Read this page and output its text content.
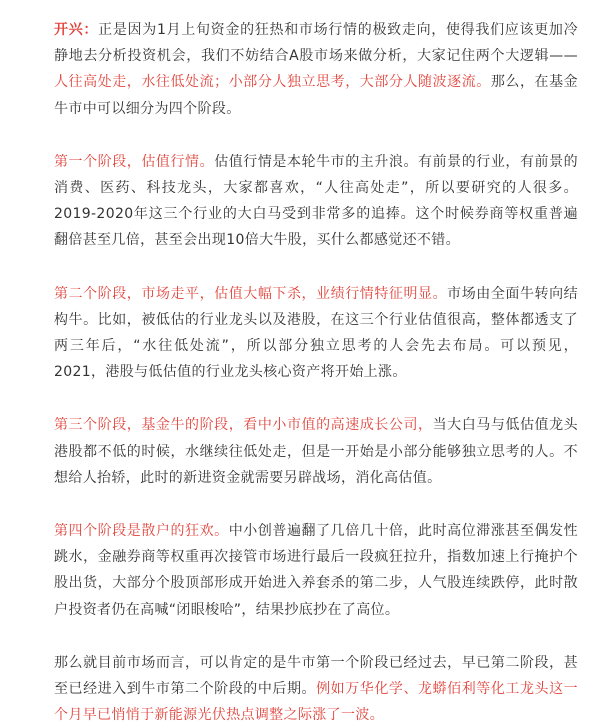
开兴：正是因为1月上旬资金的狂热和市场行情的极致走向，使得我们应该更加冷静地去分析投资机会，我们不妨结合A股市场来做分析，大家记住两个大逻辑——人往高处走，水往低处流；小部分人独立思考，大部分人随波逐流。那么，在基金牛市中可以细分为四个阶段。

第一个阶段，估值行情。估值行情是本轮牛市的主升浪。有前景的行业，有前景的消费、医药、科技龙头，大家都喜欢，“人往高处走”，所以要研究的人很多。2019-2020年这三个行业的大白马受到非常多的追捧。这个时候券商等权重普遍翻倍甚至几倍，甚至会出现10倍大牛股，买什么都感觉还不错。

第二个阶段，市场走平，估值大幅下杀，业绩行情特征明显。市场由全面牛转向结构牛。比如，被低估的行业龙头以及港股，在这三个行业估值很高，整体都透支了两三年后，“水往低处流”，所以部分独立思考的人会先去布局。可以预见，2021，港股与低估值的行业龙头核心资产将开始上涨。

第三个阶段，基金牛的阶段，看中小市值的高速成长公司，当大白马与低估值龙头港股都不低的时候，水继续往低处走，但是一开始是小部分能够独立思考的人。不想给人抬轿，此时的新进资金就需要另辟战场，消化高估值。

第四个阶段是散户的狂欢。中小创普遍翻了几倍几十倍，此时高位滞涨甚至偶发性跳水，金融券商等权重再次接管市场进行最后一段疯狂拉升，指数加速上行掩护个股出货，大部分个股顶部形成开始进入养套杀的第二步，人气股连续跌停，此时散户投资者仍在高喊“闭眼梭哈”，结果抄底抄在了高位。

那么就目前市场而言，可以肯定的是牛市第一个阶段已经过去，早已第二阶段，甚至已经进入到牛市第二个阶段的中后期。例如万华化学、龙蟒佰利等化工龙头这一个月早已悄悄于新能源光伏热点调整之际涨了一波。
